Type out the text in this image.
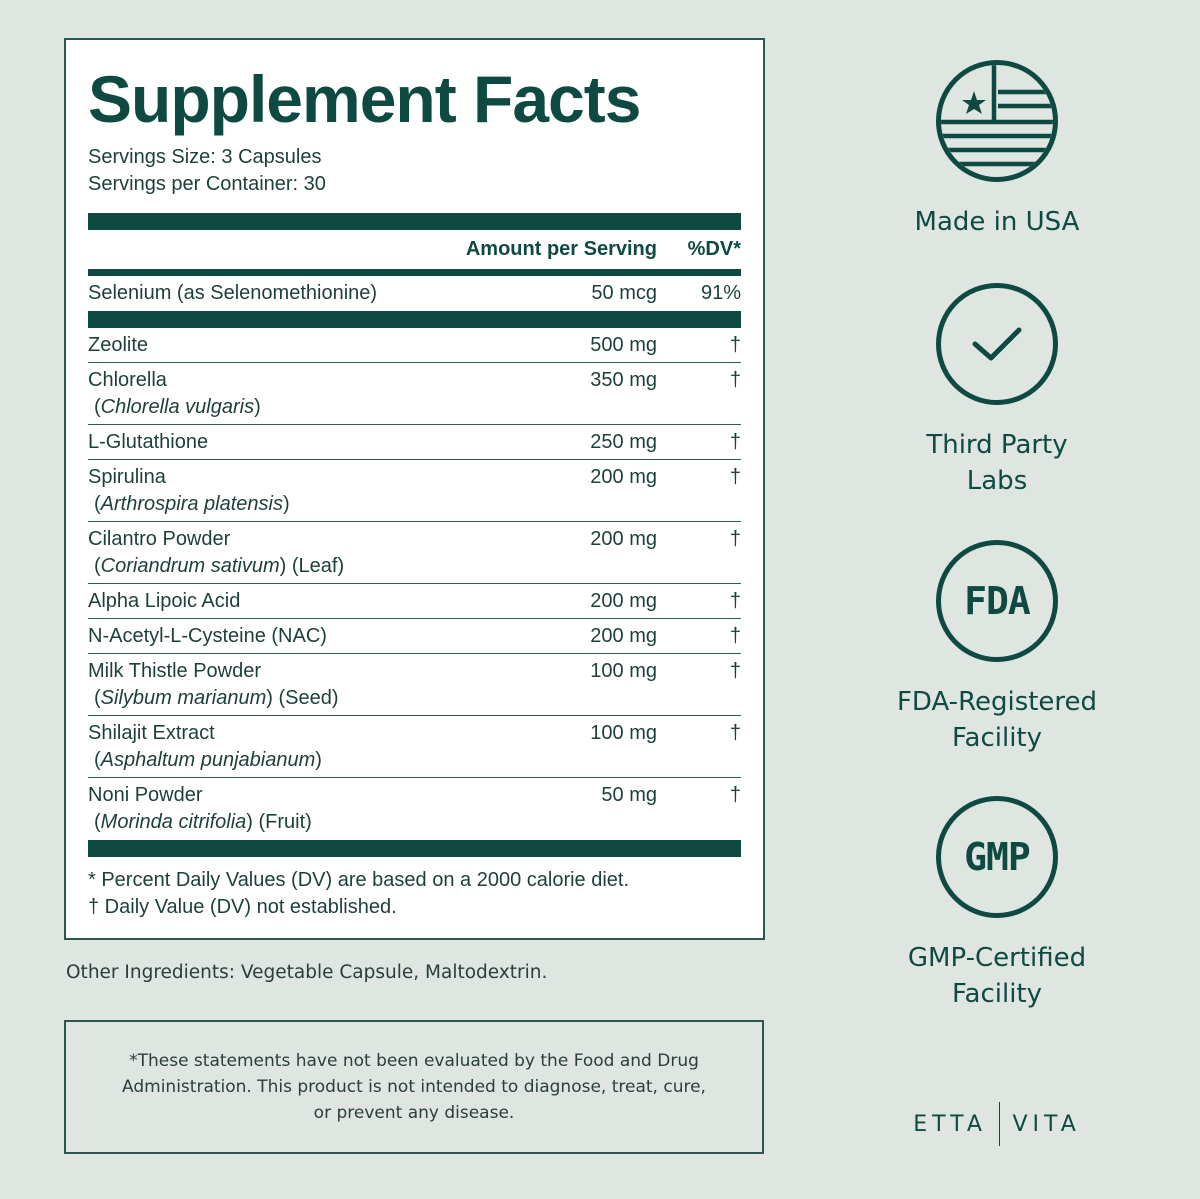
Supplement Facts
Servings Size: 3 Capsules
Servings per Container: 30
Amount per Serving	%DV*
Selenium (as Selenomethionine)	50 mcg	91%
Zeolite	500 mg	†
Chlorella
(Chlorella vulgaris)
350 mg	†
L-Glutathione	250 mg	†
Spirulina
(Arthrospira platensis)
200 mg	†
Cilantro Powder
(Coriandrum sativum) (Leaf)
200 mg	†
Alpha Lipoic Acid	200 mg	†
N-Acetyl-L-Cysteine (NAC)	200 mg	†
Milk Thistle Powder
(Silybum marianum) (Seed)
100 mg	†
Shilajit Extract
(Asphaltum punjabianum)
100 mg	†
Noni Powder
(Morinda citrifolia) (Fruit)
50 mg	†
* Percent Daily Values (DV) are based on a 2000 calorie diet.
† Daily Value (DV) not established.
Other Ingredients: Vegetable Capsule, Maltodextrin.
*These statements have not been evaluated by the Food and Drug Administration. This product is not intended to diagnose, treat, cure, or prevent any disease.
Made in USA
Third Party
Labs
FDA
FDA-Registered
Facility
GMP
GMP-Certified
Facility
ETTA VITA
